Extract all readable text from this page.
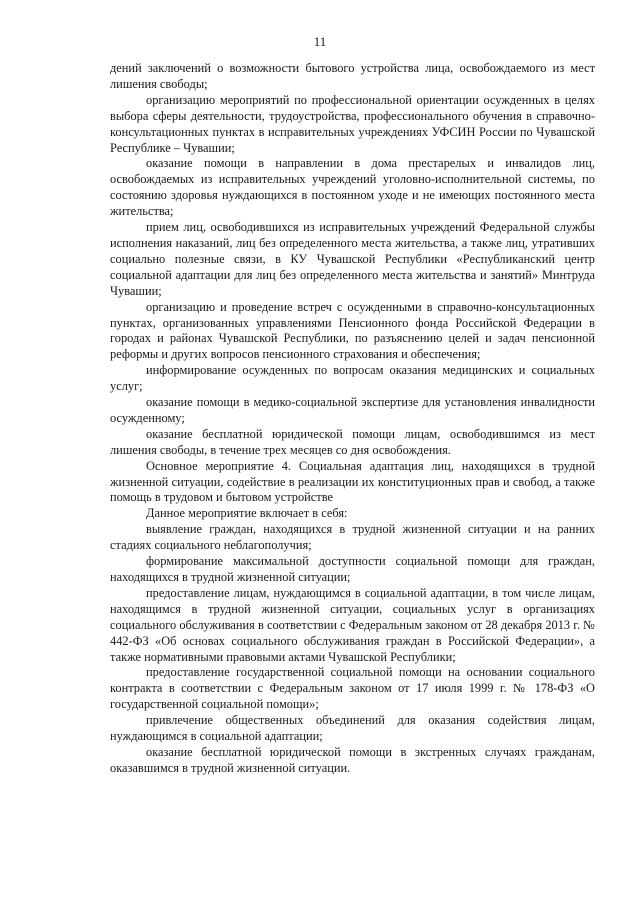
11

дений заключений о возможности бытового устройства лица, освобождаемого из мест лишения свободы;

организацию мероприятий по профессиональной ориентации осужденных в целях выбора сферы деятельности, трудоустройства, профессионального обучения в справочно-консультационных пунктах в исправительных учреждениях УФСИН России по Чувашской Республике – Чувашии;

оказание помощи в направлении в дома престарелых и инвалидов лиц, освобождаемых из исправительных учреждений уголовно-исполнительной системы, по состоянию здоровья нуждающихся в постоянном уходе и не имеющих постоянного места жительства;

прием лиц, освободившихся из исправительных учреждений Федеральной службы исполнения наказаний, лиц без определенного места жительства, а также лиц, утративших социально полезные связи, в КУ Чувашской Республики «Республиканский центр социальной адаптации для лиц без определенного места жительства и занятий» Минтруда Чувашии;

организацию и проведение встреч с осужденными в справочно-консультационных пунктах, организованных управлениями Пенсионного фонда Российской Федерации в городах и районах Чувашской Республики, по разъяснению целей и задач пенсионной реформы и других вопросов пенсионного страхования и обеспечения;

информирование осужденных по вопросам оказания медицинских и социальных услуг;

оказание помощи в медико-социальной экспертизе для установления инвалидности осужденному;

оказание бесплатной юридической помощи лицам, освободившимся из мест лишения свободы, в течение трех месяцев со дня освобождения.

Основное мероприятие 4. Социальная адаптация лиц, находящихся в трудной жизненной ситуации, содействие в реализации их конституционных прав и свобод, а также помощь в трудовом и бытовом устройстве

Данное мероприятие включает в себя:

выявление граждан, находящихся в трудной жизненной ситуации и на ранних стадиях социального неблагополучия;

формирование максимальной доступности социальной помощи для граждан, находящихся в трудной жизненной ситуации;

предоставление лицам, нуждающимся в социальной адаптации, в том числе лицам, находящимся в трудной жизненной ситуации, социальных услуг в организациях социального обслуживания в соответствии с Федеральным законом от 28 декабря 2013 г. № 442-ФЗ «Об основах социального обслуживания граждан в Российской Федерации», а также нормативными правовыми актами Чувашской Республики;

предоставление государственной социальной помощи на основании социального контракта в соответствии с Федеральным законом от 17 июля 1999 г. № 178-ФЗ «О государственной социальной помощи»;

привлечение общественных объединений для оказания содействия лицам, нуждающимся в социальной адаптации;

оказание бесплатной юридической помощи в экстренных случаях гражданам, оказавшимся в трудной жизненной ситуации.
